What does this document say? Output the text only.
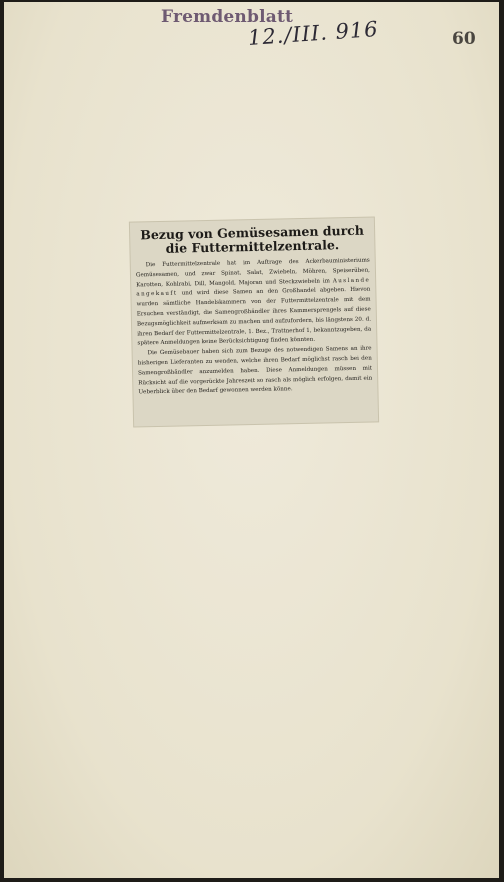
Fremdenblatt
12./III. 916	60
Bezug von Gemüsesamen durch die Futtermittelzentrale.

Die Futtermittelzentrale hat im Auftrage des Ackerbauministeriums Gemüsesamen, und zwar Spinat, Salat, Zwiebeln, Möhren, Speiserüben, Karotten, Kohlrabi, Dill, Mangold, Majoran und Steckzwiebeln im Auslande angekauft und wird diese Samen an den Großhandel abgeben. Hievon wurden sämtliche Handelskammern von der Futtermittelzentrale mit dem Ersuchen verständigt, die Samengroßhändler ihres Kammersprengels auf diese Bezugsmöglichkeit aufmerksam zu machen und aufzufordern, bis längstens 20. d. ihren Bedarf der Futtermittelzentrale, 1. Bez., Trattnerhof 1, bekanntzugeben, da spätere Anmeldungen keine Berücksichtigung finden könnten.

Die Gemüsebauer haben sich zum Bezuge des notwendigen Samens an ihre bisherigen Lieferanten zu wenden, welche ihren Bedarf möglichst rasch bei den Samengroßhändler anzumelden haben. Diese Anmeldungen müssen mit Rücksicht auf die vorgerückte Jahreszeit so rasch als möglich erfolgen, damit ein Ueberblick über den Bedarf gewonnen werden könne.
